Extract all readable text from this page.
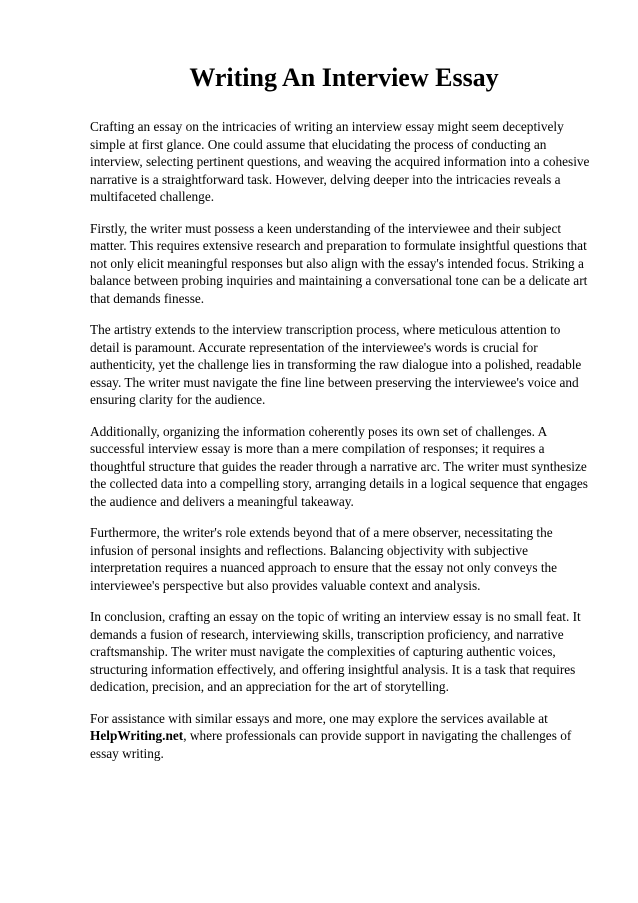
Writing An Interview Essay

Crafting an essay on the intricacies of writing an interview essay might seem deceptively simple at first glance. One could assume that elucidating the process of conducting an interview, selecting pertinent questions, and weaving the acquired information into a cohesive narrative is a straightforward task. However, delving deeper into the intricacies reveals a multifaceted challenge.

Firstly, the writer must possess a keen understanding of the interviewee and their subject matter. This requires extensive research and preparation to formulate insightful questions that not only elicit meaningful responses but also align with the essay's intended focus. Striking a balance between probing inquiries and maintaining a conversational tone can be a delicate art that demands finesse.

The artistry extends to the interview transcription process, where meticulous attention to detail is paramount. Accurate representation of the interviewee's words is crucial for authenticity, yet the challenge lies in transforming the raw dialogue into a polished, readable essay. The writer must navigate the fine line between preserving the interviewee's voice and ensuring clarity for the audience.

Additionally, organizing the information coherently poses its own set of challenges. A successful interview essay is more than a mere compilation of responses; it requires a thoughtful structure that guides the reader through a narrative arc. The writer must synthesize the collected data into a compelling story, arranging details in a logical sequence that engages the audience and delivers a meaningful takeaway.

Furthermore, the writer's role extends beyond that of a mere observer, necessitating the infusion of personal insights and reflections. Balancing objectivity with subjective interpretation requires a nuanced approach to ensure that the essay not only conveys the interviewee's perspective but also provides valuable context and analysis.

In conclusion, crafting an essay on the topic of writing an interview essay is no small feat. It demands a fusion of research, interviewing skills, transcription proficiency, and narrative craftsmanship. The writer must navigate the complexities of capturing authentic voices, structuring information effectively, and offering insightful analysis. It is a task that requires dedication, precision, and an appreciation for the art of storytelling.

For assistance with similar essays and more, one may explore the services available at HelpWriting.net, where professionals can provide support in navigating the challenges of essay writing.
